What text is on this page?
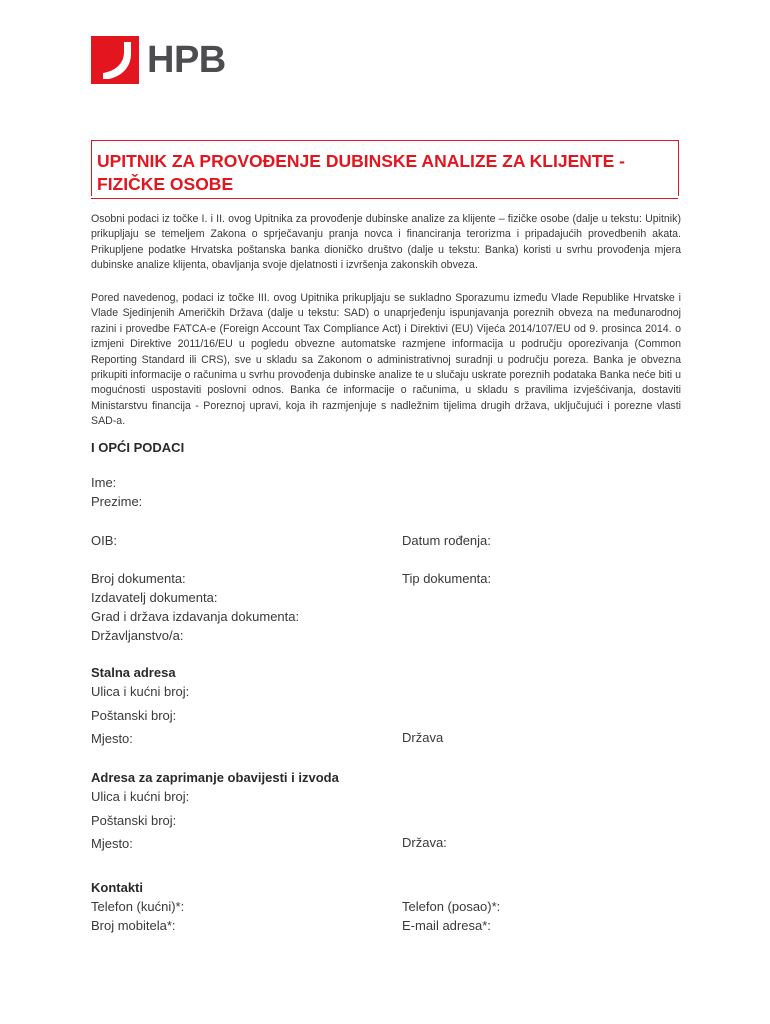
HPB
UPITNIK ZA PROVOĐENJE DUBINSKE ANALIZE ZA KLIJENTE - FIZIČKE OSOBE

Osobni podaci iz točke I. i II. ovog Upitnika za provođenje dubinske analize za klijente – fizičke osobe (dalje u tekstu: Upitnik) prikupljaju se temeljem Zakona o sprječavanju pranja novca i financiranja terorizma i pripadajućih provedbenih akata. Prikupljene podatke Hrvatska poštanska banka dioničko društvo (dalje u tekstu: Banka) koristi u svrhu provođenja mjera dubinske analize klijenta, obavljanja svoje djelatnosti i izvršenja zakonskih obveza.

Pored navedenog, podaci iz točke III. ovog Upitnika prikupljaju se sukladno Sporazumu između Vlade Republike Hrvatske i Vlade Sjedinjenih Američkih Država (dalje u tekstu: SAD) o unaprjeđenju ispunjavanja poreznih obveza na međunarodnoj razini i provedbe FATCA-e (Foreign Account Tax Compliance Act) i Direktivi (EU) Vijeća 2014/107/EU od 9. prosinca 2014. o izmjeni Direktive 2011/16/EU u pogledu obvezne automatske razmjene informacija u području oporezivanja (Common Reporting Standard ili CRS), sve u skladu sa Zakonom o administrativnoj suradnji u području poreza. Banka je obvezna prikupiti informacije o računima u svrhu provođenja dubinske analize te u slučaju uskrate poreznih podataka Banka neće biti u mogućnosti uspostaviti poslovni odnos. Banka će informacije o računima, u skladu s pravilima izvješćivanja, dostaviti Ministarstvu financija - Poreznoj upravi, koja ih razmjenjuje s nadležnim tijelima drugih država, uključujući i porezne vlasti SAD-a.

I OPĆI PODACI
Ime:
Prezime:
OIB:	Datum rođenja:
Broj dokumenta:	Tip dokumenta:
Izdavatelj dokumenta:
Grad i država izdavanja dokumenta:
Državljanstvo/a:
Stalna adresa
Ulica i kućni broj:
Poštanski broj:
Mjesto:	Država
Adresa za zaprimanje obavijesti i izvoda
Ulica i kućni broj:
Poštanski broj:
Mjesto:	Država:
Kontakti
Telefon (kućni)*:	Telefon (posao)*:
Broj mobitela*:	E-mail adresa*:
